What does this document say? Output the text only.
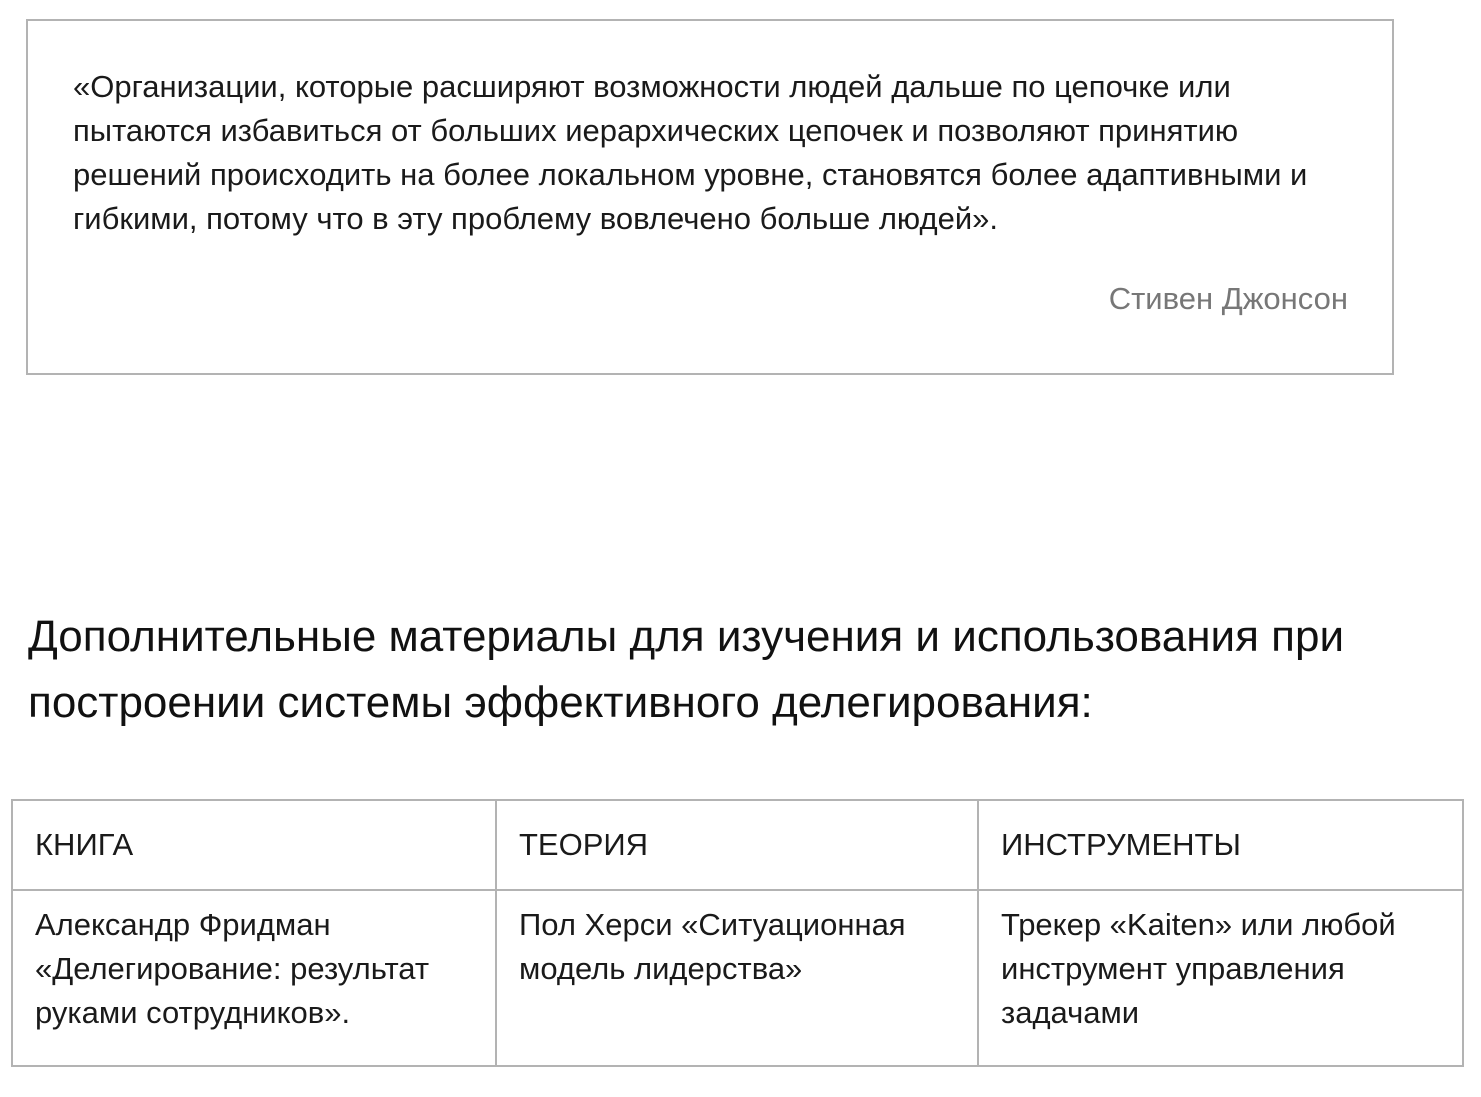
«Организации, которые расширяют возможности людей дальше по цепочке или пытаются избавиться от больших иерархических цепочек и позволяют принятию решений происходить на более локальном уровне, становятся более адаптивными и гибкими, потому что в эту проблему вовлечено больше людей».

Стивен Джонсон

Дополнительные материалы для изучения и использования при построении системы эффективного делегирования:
КНИГА	ТЕОРИЯ	ИНСТРУМЕНТЫ
Александр Фридман «Делегирование: результат руками сотрудников».	Пол Херси «Ситуационная модель лидерства»	Трекер «Kaiten» или любой инструмент управления задачами
